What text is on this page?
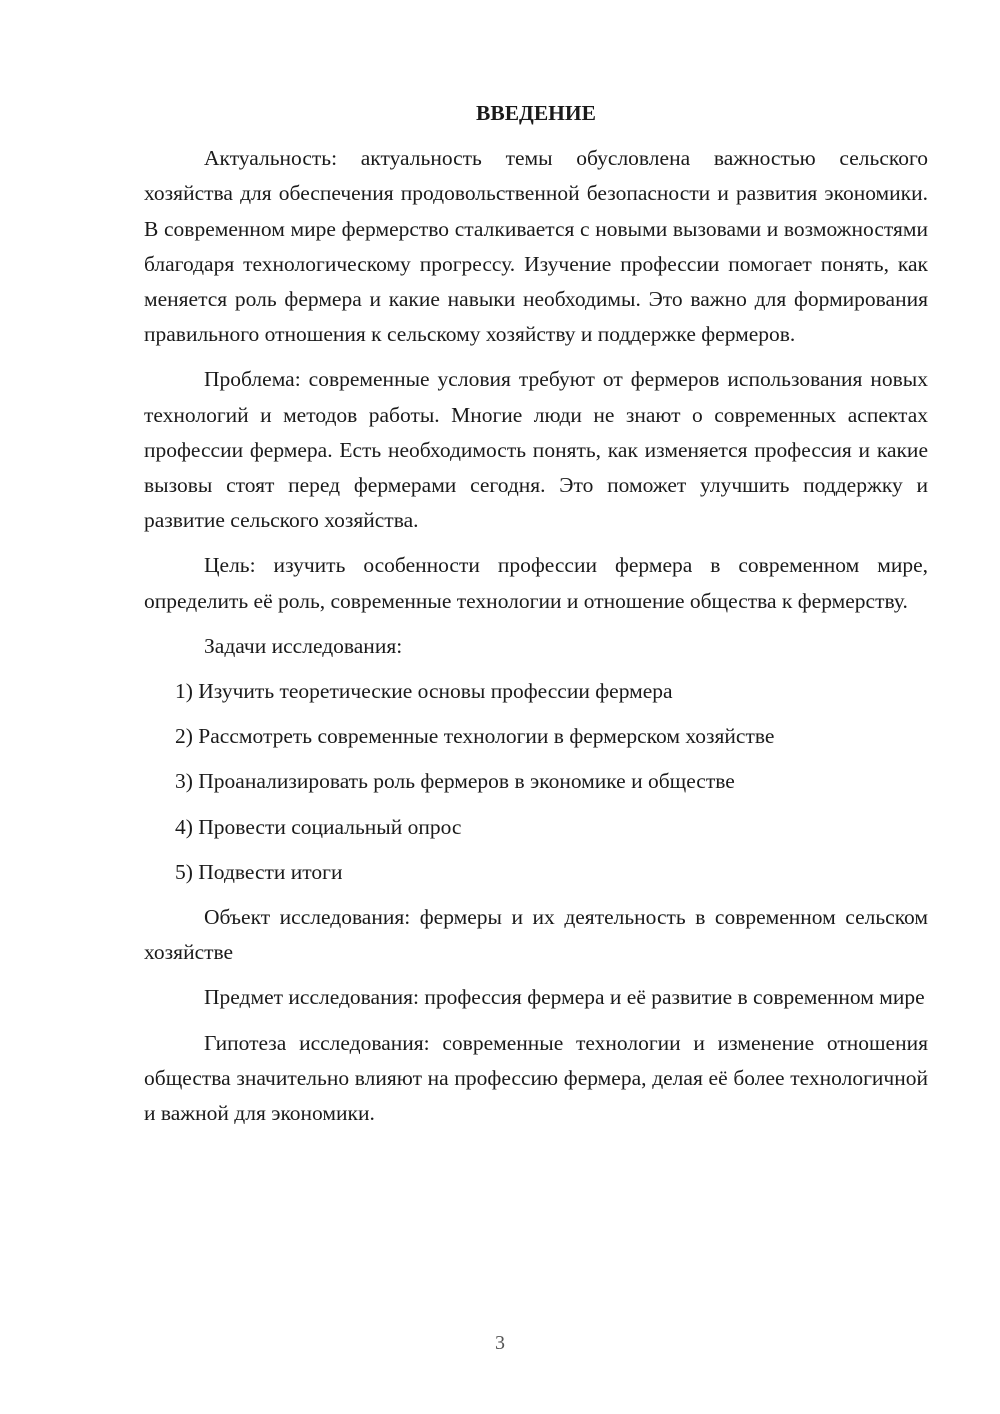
ВВЕДЕНИЕ

Актуальность: актуальность темы обусловлена важностью сельского хозяйства для обеспечения продовольственной безопасности и развития экономики. В современном мире фермерство сталкивается с новыми вызовами и возможностями благодаря технологическому прогрессу. Изучение профессии помогает понять, как меняется роль фермера и какие навыки необходимы. Это важно для формирования правильного отношения к сельскому хозяйству и поддержке фермеров.

Проблема: современные условия требуют от фермеров использования новых технологий и методов работы. Многие люди не знают о современных аспектах профессии фермера. Есть необходимость понять, как изменяется профессия и какие вызовы стоят перед фермерами сегодня. Это поможет улучшить поддержку и развитие сельского хозяйства.

Цель: изучить особенности профессии фермера в современном мире, определить её роль, современные технологии и отношение общества к фермерству.

Задачи исследования:

1) Изучить теоретические основы профессии фермера

2) Рассмотреть современные технологии в фермерском хозяйстве

3) Проанализировать роль фермеров в экономике и обществе

4) Провести социальный опрос

5) Подвести итоги

Объект исследования: фермеры и их деятельность в современном сельском хозяйстве

Предмет исследования: профессия фермера и её развитие в современном мире

Гипотеза исследования: современные технологии и изменение отношения общества значительно влияют на профессию фермера, делая её более технологичной и важной для экономики.

3
